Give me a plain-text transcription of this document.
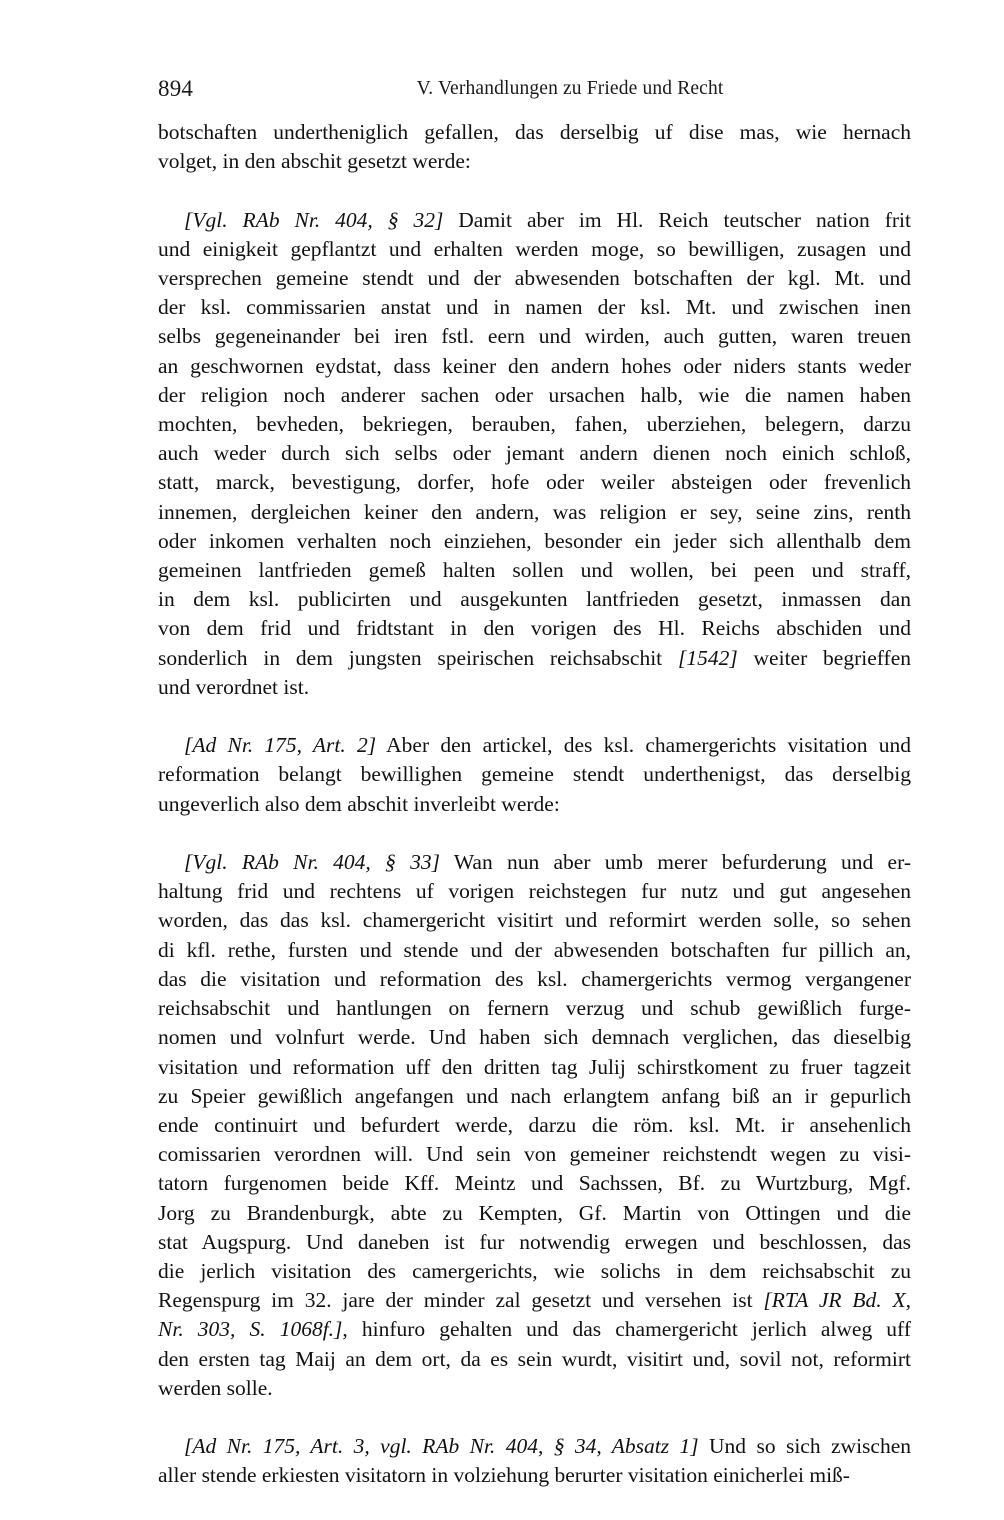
894	V. Verhandlungen zu Friede und Recht

botschaften undertheniglich gefallen, das derselbig uf dise mas, wie hernach
volget, in den abschit gesetzt werde:

[Vgl. RAb Nr. 404, § 32] Damit aber im Hl. Reich teutscher nation frit
und einigkeit gepflantzt und erhalten werden moge, so bewilligen, zusagen und
versprechen gemeine stendt und der abwesenden botschaften der kgl. Mt. und
der ksl. commissarien anstat und in namen der ksl. Mt. und zwischen inen
selbs gegeneinander bei iren fstl. eern und wirden, auch gutten, waren treuen
an geschwornen eydstat, dass keiner den andern hohes oder niders stants weder
der religion noch anderer sachen oder ursachen halb, wie die namen haben
mochten, bevheden, bekriegen, berauben, fahen, uberziehen, belegern, darzu
auch weder durch sich selbs oder jemant andern dienen noch einich schloß,
statt, marck, bevestigung, dorfer, hofe oder weiler absteigen oder frevenlich
innemen, dergleichen keiner den andern, was religion er sey, seine zins, renth
oder inkomen verhalten noch einziehen, besonder ein jeder sich allenthalb dem
gemeinen lantfrieden gemeß halten sollen und wollen, bei peen und straff,
in dem ksl. publicirten und ausgekunten lantfrieden gesetzt, inmassen dan
von dem frid und fridtstant in den vorigen des Hl. Reichs abschiden und
sonderlich in dem jungsten speirischen reichsabschit [1542] weiter begrieffen
und verordnet ist.

[Ad Nr. 175, Art. 2] Aber den artickel, des ksl. chamergerichts visitation und
reformation belangt bewillighen gemeine stendt underthenigst, das derselbig
ungeverlich also dem abschit inverleibt werde:

[Vgl. RAb Nr. 404, § 33] Wan nun aber umb merer befurderung und er-
haltung frid und rechtens uf vorigen reichstegen fur nutz und gut angesehen
worden, das das ksl. chamergericht visitirt und reformirt werden solle, so sehen
di kfl. rethe, fursten und stende und der abwesenden botschaften fur pillich an,
das die visitation und reformation des ksl. chamergerichts vermog vergangener
reichsabschit und hantlungen on fernern verzug und schub gewißlich furge-
nomen und volnfurt werde. Und haben sich demnach verglichen, das dieselbig
visitation und reformation uff den dritten tag Julij schirstkoment zu fruer tagzeit
zu Speier gewißlich angefangen und nach erlangtem anfang biß an ir gepurlich
ende continuirt und befurdert werde, darzu die röm. ksl. Mt. ir ansehenlich
comissarien verordnen will. Und sein von gemeiner reichstendt wegen zu visi-
tatorn furgenomen beide Kff. Meintz und Sachssen, Bf. zu Wurtzburg, Mgf.
Jorg zu Brandenburgk, abte zu Kempten, Gf. Martin von Ottingen und die
stat Augspurg. Und daneben ist fur notwendig erwegen und beschlossen, das
die jerlich visitation des camergerichts, wie solichs in dem reichsabschit zu
Regenspurg im 32. jare der minder zal gesetzt und versehen ist [RTA JR Bd. X,
Nr. 303, S. 1068f.], hinfuro gehalten und das chamergericht jerlich alweg uff
den ersten tag Maij an dem ort, da es sein wurdt, visitirt und, sovil not, reformirt
werden solle.

[Ad Nr. 175, Art. 3, vgl. RAb Nr. 404, § 34, Absatz 1] Und so sich zwischen
aller stende erkiesten visitatorn in volziehung berurter visitation einicherlei miß-
